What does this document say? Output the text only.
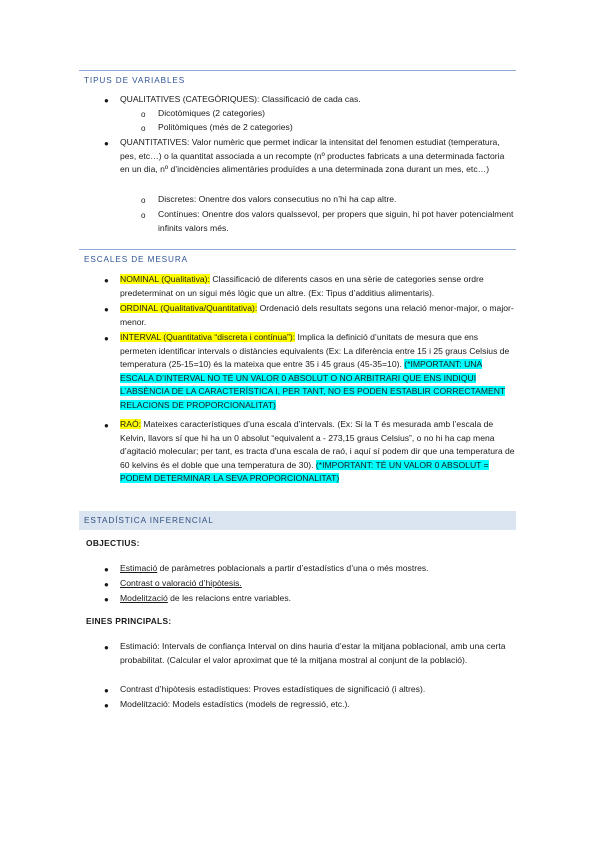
TIPUS DE VARIABLES
● QUALITATIVES (CATEGÒRIQUES): Classificació de cada cas.
o Dicotòmiques (2 categories)
o Politòmiques (més de 2 categories)
● QUANTITATIVES: Valor numèric que permet indicar la intensitat del fenomen estudiat (temperatura, pes, etc…) o la quantitat associada a un recompte (nº productes fabricats a una determinada factoria en un dia, nº d’incidències alimentàries produïdes a una determinada zona durant un mes, etc…)
o Discretes: Onentre dos valors consecutius no n’hi ha cap altre.
o Contínues: Onentre dos valors qualssevol, per propers que siguin, hi pot haver potencialment infinits valors més.
ESCALES DE MESURA
● NOMINAL (Qualitativa): Classificació de diferents casos en una sèrie de categories sense ordre predeterminat on un sigui més lògic que un altre. (Ex: Tipus d’additius alimentaris).
● ORDINAL (Qualitativa/Quantitativa): Ordenació dels resultats segons una relació menor-major, o major-menor.
● INTERVAL (Quantitativa “discreta i contínua”): Implica la definició d’unitats de mesura que ens permeten identificar intervals o distàncies equivalents (Ex: La diferència entre 15 i 25 graus Celsius de temperatura (25-15=10) és la mateixa que entre 35 i 45 graus (45-35=10). (*IMPORTANT: UNA ESCALA D’INTERVAL NO TÉ UN VALOR 0 ABSOLUT O NO ARBITRARI QUE ENS INDIQUI L’ABSÈNCIA DE LA CARACTERÍSTICA I, PER TANT, NO ES PODEN ESTABLIR CORRECTAMENT RELACIONS DE PROPORCIONALITAT)
● RAÓ: Mateixes característiques d’una escala d’intervals. (Ex: Si la T és mesurada amb l’escala de Kelvin, llavors sí que hi ha un 0 absolut “equivalent a - 273,15 graus Celsius”, o no hi ha cap mena d’agitació molecular; per tant, es tracta d’una escala de raó, i aquí sí podem dir que una temperatura de 60 kelvins és el doble que una temperatura de 30). (*IMPORTANT: TÉ UN VALOR 0 ABSOLUT = PODEM DETERMINAR LA SEVA PROPORCIONALITAT)
ESTADÍSTICA INFERENCIAL
OBJECTIUS:
● Estimació de paràmetres poblacionals a partir d’estadístics d’una o més mostres.
● Contrast o valoració d’hipòtesis.
● Modelització de les relacions entre variables.
EINES PRINCIPALS:
● Estimació: Intervals de confiança Interval on dins hauria d’estar la mitjana poblacional, amb una certa probabilitat. (Calcular el valor aproximat que té la mitjana mostral al conjunt de la població).
● Contrast d’hipòtesis estadístiques: Proves estadístiques de significació (i altres).
● Modelització: Models estadístics (models de regressió, etc.).
